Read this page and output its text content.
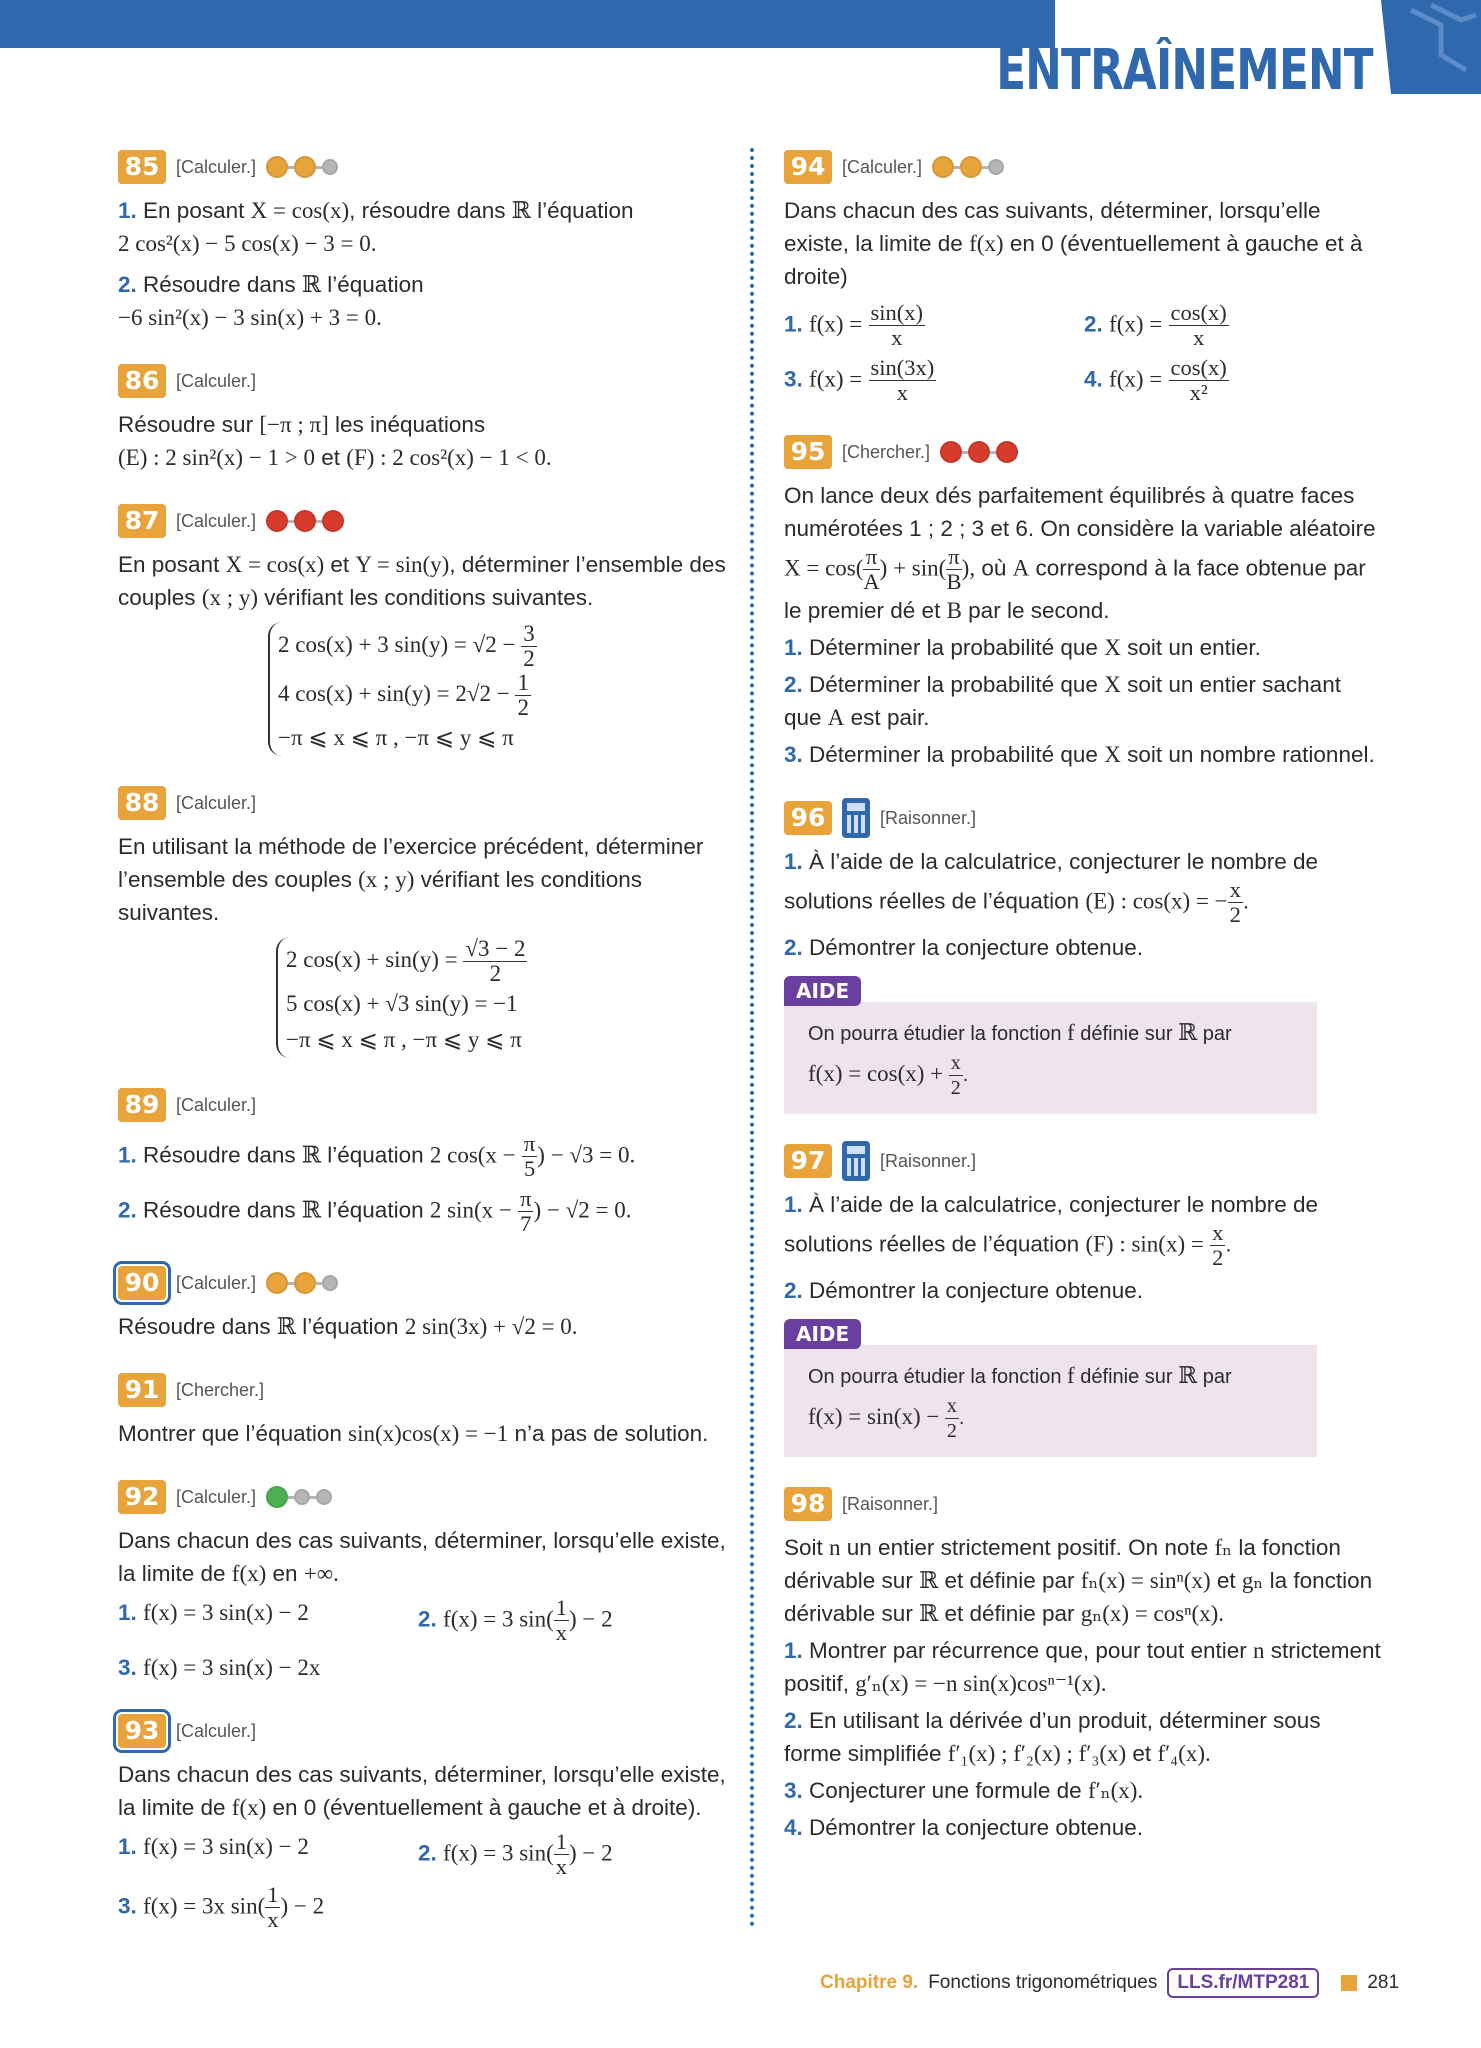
ENTRAÎNEMENT
85 [Calculer.]

1. En posant X = cos(x), résoudre dans ℝ l’équation
2 cos²(x) − 5 cos(x) − 3 = 0.

2. Résoudre dans ℝ l’équation
−6 sin²(x) − 3 sin(x) + 3 = 0.

86 [Calculer.]

Résoudre sur [−π ; π] les inéquations
(E) : 2 sin²(x) − 1 > 0 et (F) : 2 cos²(x) − 1 < 0.

87 [Calculer.]

En posant X = cos(x) et Y = sin(y), déterminer l’ensemble des couples (x ; y) vérifiant les conditions suivantes.

2 cos(x) + 3 $\sin(y) = √2 - \frac{3}{2}$
4 $\cos(x) + \sin(y) = 2√2 - \frac{1}{2}$
−π ⩽ x ⩽ π , −π ⩽ y ⩽ π
88 [Calculer.]

En utilisant la méthode de l’exercice précédent, déterminer l’ensemble des couples (x ; y) vérifiant les conditions suivantes.

2 $\cos(x) + \sin(y) = \frac{√3 - 2}{2}$
5 cos(x) + √3 sin(y) = −1
−π ⩽ x ⩽ π , −π ⩽ y ⩽ π
89 [Calculer.]

1. Résoudre dans ℝ l’équation 2 $\cos(x - \frac{\pi}{5}$ ) − √3 = 0.

2. Résoudre dans ℝ l’équation 2 $\sin(x - \frac{\pi}{7}$ ) − √2 = 0.

90 [Calculer.]

Résoudre dans ℝ l’équation 2 sin(3x) + √2 = 0.

91 [Chercher.]

Montrer que l’équation sin(x)cos(x) = −1 n’a pas de solution.

92 [Calculer.]

Dans chacun des cas suivants, déterminer, lorsqu’elle existe, la limite de f(x) en +∞.

1. f(x) = 3 sin(x) − 2	2. f(x) = 3 $\sin( \frac{1}{x}$ ) − 2

3. f(x) = 3 sin(x) − 2x

93 [Calculer.]

Dans chacun des cas suivants, déterminer, lorsqu’elle existe, la limite de f(x) en 0 (éventuellement à gauche et à droite).

1. f(x) = 3 sin(x) − 2	2. f(x) = 3 $\sin( \frac{1}{x}$ ) − 2

3. f(x) = 3x $\sin( \frac{1}{x}$ ) − 2

94 [Calculer.]

Dans chacun des cas suivants, déterminer, lorsqu’elle existe, la limite de f(x) en 0 (éventuellement à gauche et à droite)

1. $f(x) = \frac{\sin(x)}{x}$	2. $f(x) = \frac{\cos(x)}{x}$

3. $f(x) = \frac{\sin(3x)}{x}$	4. $f(x) = \frac{\cos(x)}{\text{x²}}$

95 [Chercher.]

On lance deux dés parfaitement équilibrés à quatre faces numérotées 1 ; 2 ; 3 et 6. On considère la variable aléatoire $X = \cos( \frac{\pi}{A}$ ) + $\sin( \frac{\pi}{B}$ ), où A correspond à la face obtenue par le premier dé et B par le second.

1. Déterminer la probabilité que X soit un entier.

2. Déterminer la probabilité que X soit un entier sachant que A est pair.

3. Déterminer la probabilité que X soit un nombre rationnel.

96	[Raisonner.]

1. À l’aide de la calculatrice, conjecturer le nombre de solutions réelles de l’équation (E) : cos(x) = − $\frac{x}{2}$ .

2. Démontrer la conjecture obtenue.

AIDE
On pourra étudier la fonction f définie sur ℝ par
$f(x) = \cos(x) + \frac{x}{2}$ .
97	[Raisonner.]

1. À l’aide de la calculatrice, conjecturer le nombre de solutions réelles de l’équation (F) : $\sin(x) = \frac{x}{2}$ .

2. Démontrer la conjecture obtenue.

AIDE
On pourra étudier la fonction f définie sur ℝ par
$f(x) = \sin(x) - \frac{x}{2}$ .
98 [Raisonner.]

Soit n un entier strictement positif. On note fₙ la fonction dérivable sur ℝ et définie par fₙ(x) = sinⁿ(x) et gₙ la fonction dérivable sur ℝ et définie par gₙ(x) = cosⁿ(x).

1. Montrer par récurrence que, pour tout entier n strictement positif, g′ₙ(x) = −n sin(x)cosⁿ⁻¹(x).

2. En utilisant la dérivée d’un produit, déterminer sous forme simplifiée f′₁(x) ; f′₂(x) ; f′₃(x) et f′₄(x).

3. Conjecturer une formule de f′ₙ(x).

4. Démontrer la conjecture obtenue.

Chapitre 9. Fonctions trigonométriques	LLS.fr/MTP281	281
